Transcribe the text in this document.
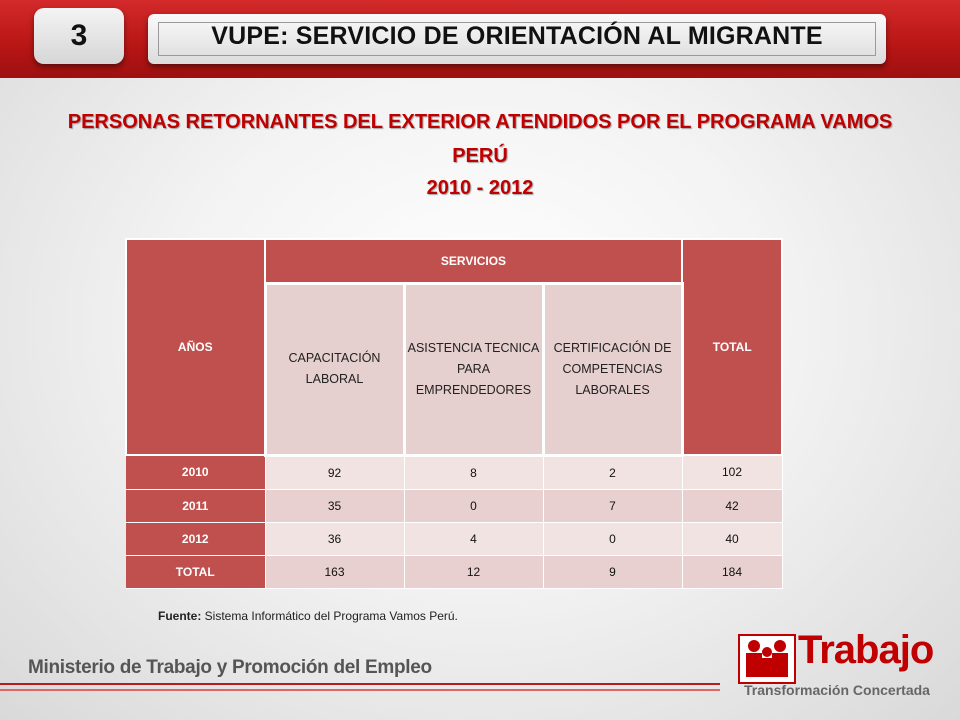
3	VUPE: SERVICIO DE ORIENTACIÓN AL MIGRANTE
PERSONAS RETORNANTES DEL EXTERIOR ATENDIDOS POR EL PROGRAMA VAMOS
PERÚ
2010 - 2012
AÑOS	SERVICIOS			TOTAL
	CAPACITACIÓN LABORAL	ASISTENCIA TECNICA PARA EMPRENDEDORES	CERTIFICACIÓN DE COMPETENCIAS LABORALES	
2010	92	8	2	102
2011	35	0	7	42
2012	36	4	0	40
TOTAL	163	12	9	184
Fuente: Sistema Informático del Programa Vamos Perú.
Ministerio de Trabajo y Promoción del Empleo	Trabajo
Transformación Concertada
